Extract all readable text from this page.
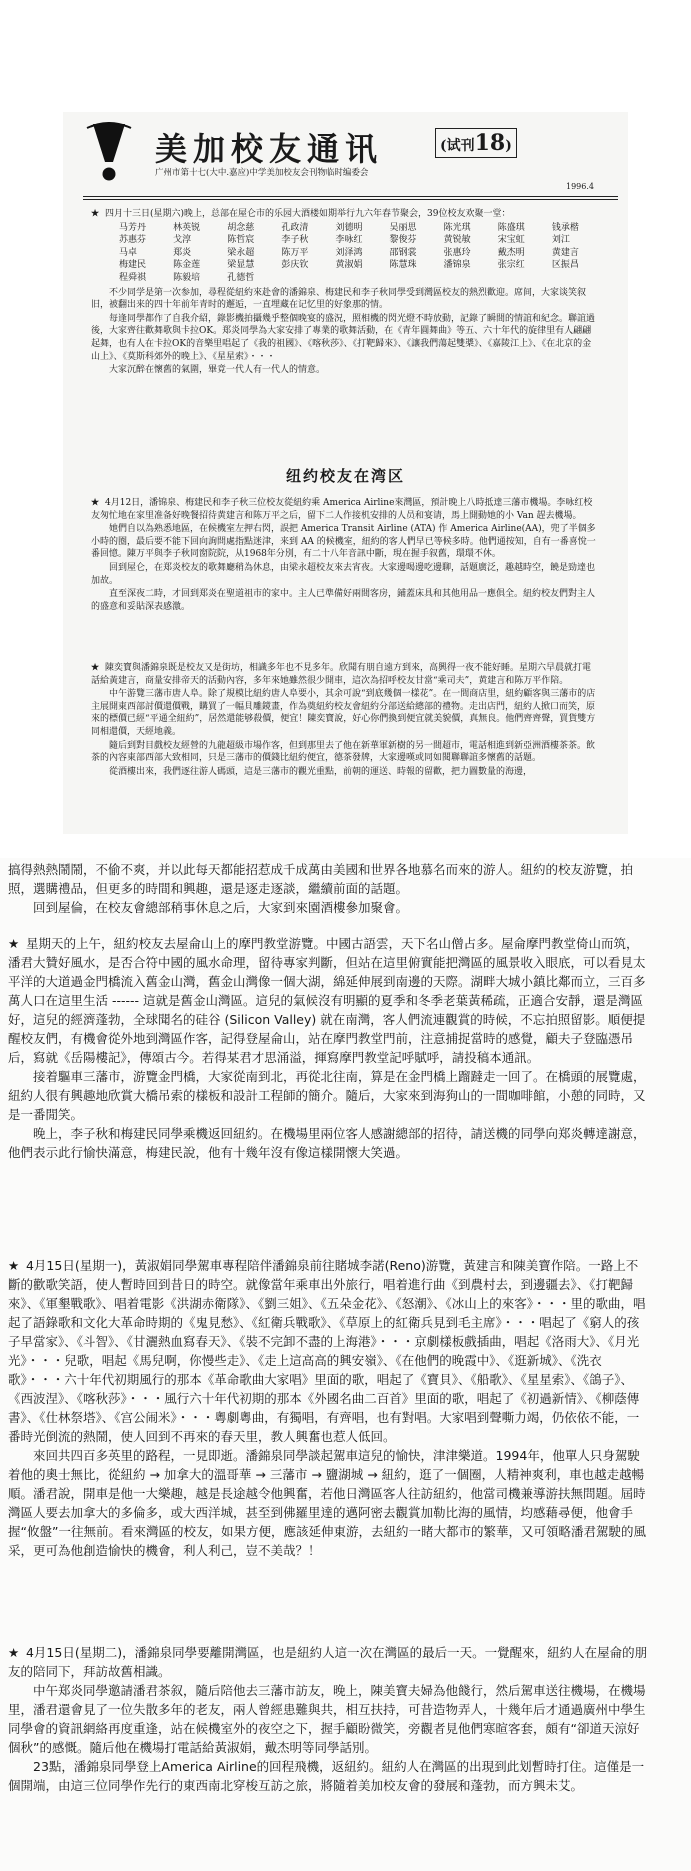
美加校友通讯	(试刊18)
广州市第十七(大中.嘉应)中学美加校友会刊物临时编委会
1996.4

★ 四月十三日(星期六)晚上，总部在屋仑市的乐园大酒楼如期举行九六年春节聚会，39位校友欢聚一堂：

马芳丹	林英锐	胡念慈	孔政清	刘德明	吴丽思	陈光琪	陈盛琪	钱承楷
苏惠芬	戈淳	陈哲宸	李子秋	李咏红	黎俊芬	黄锐敏	宋宝虹	刘江
马卓	郑炎	梁永超	陈万平	刘泽鸿	邵钢裳	张惠玲	戴杰明	黄建言
梅建民	陈金莲	梁显慧	彭庆钦	黄淑娟	陈慧珠	潘锦泉	张宗红	区振昌
程舜祺	陈毅培	孔德哲

不少同学是第一次参加，尋程從紐約來赴會的潘錦泉、梅建民和李子秋同學受到灣區校友的熱烈歡迎。席间，大家谈笑叙旧，被翻出来的四十年前年青时的邂逅，一直埋藏在记忆里的好象那的情。

每逢同學都作了自我介紹，錄影機拍攝幾乎整個晚宴的盛況，照相機的閃光燈不時放動，記錄了瞬間的情誼和紀念。聯誼過後，大家齊往歡舞歌與卡拉OK。郑炎同學為大家安排了專業的歌舞活動，在《青年圓舞曲》等五、六十年代的旋律里有人翩翩起舞，也有人在卡拉OK的音樂里唱起了《我的祖國》、《喀秋莎》、《打靶歸來》、《讓我們蕩起雙槳》、《嘉陵江上》、《在北京的金山上》、《莫斯科郊外的晚上》、《星星索》・・・

大家沉醉在懷舊的氣圍，畢竟一代人有一代人的情意。

纽约校友在湾区

★ 4月12日，潘锦泉、梅建民和李子秋三位校友從紐約乘 America Airline來灣區，預計晚上八時抵達三藩市機場。李咏红校友匆忙地在家里准备好晚餐招待黄建言和陈万平之后，留下二人作接机安排的人员和宴请，馬上開動她的小 Van 趕去機場。

她們自以為熟悉地區，在候機室左押右閃，誤把 America Transit Airline (ATA) 作 America Airline(AA)，兜了半個多小時的圈，最后要不能下回向詢問處指點迷津，来到 AA 的候機室，紐約的客人們早已等候多時。他們通按知，自有一番喜悅一番回憶。陳万平與李子秋同窗院院，从1968年分別，有二十八年音訊中斷，現在握手叙舊，環環不休。

回到屋仑，在郑炎校友的歌舞廳稍為休息，由梁永超校友來去宵夜。大家邊喝邊吃邊聊，話題廣泛，趣越時空，饒是勁達也加故。

直至深夜二時，才回到郑炎在聖道祖市的家中。主人已準備好兩間客房，鋪蓋床具和其他用品一應俱全。紐約校友們對主人的盛意和妥貼深表感激。

★ 陳奕寶與潘錦泉既是校友又是街坊，相識多年也不見多年。欣聞有朋自遠方到來，高興得一夜不能好睡。星期六早晨就打電話給黃建言，商量安排帝天的活動內容，多年來她雖然很少開車，這次為招呼校友甘當“乘司夫”，黄建言和陈万平作陪。

中午游覽三藩市唐人阜。除了規模比紐約唐人阜要小，其余可說“到底幾個一樣花”。在一間商店里，紐約顧客與三藩市的店主展開東西部討價還價戰，購買了一幅貝雕鏡畫，作為奠紐約校友會紐約分部送給總部的禮物。走出店門，紐約人掀口而笑，原來的標價已經“平通全紐約”，居然還能够殺價，便宜！陳奕寶說，好心你們換到便宜就美貌價，真無良。他們齊齊聲，買貨雙方同相還價，天經地義。

隨后到對目戲校友經營的九龍超級市場作客，但到那里去了他在新華軍新樹的另一間超市，電話相進到新亞洲酒樓茶茶。飲茶的內容東部西部大致相同，只是三藩市的價錢比紐約便宜，德茶發牌，大家邊嘆或同如閱聯聯誼多懷舊的話題。

從酒樓出來，我們逐往游人碼頭，這是三藩市的觀光重點，前朝的運送、時報的留歡，把力圖數量的海邊，

搞得熱熱鬧鬧，不偷不爽，并以此每天都能招惹成千成萬由美國和世界各地慕名而來的游人。紐約的校友游覽，拍照，選購禮品，但更多的時間和興趣，還是逐走逐談，繼續前面的話題。

回到屋倫，在校友會總部稍事休息之后，大家到來園酒樓參加聚會。

★ 星期天的上午，紐約校友去屋侖山上的摩門教堂游覽。中國古語雲，天下名山僧占多。屋侖摩門教堂倚山而筑，潘君大贊好風水，是否合符中國的風水命理，留待專家判斷，但站在這里俯實能把灣區的風景收入眼底，可以看見太平洋的大道過金門橋流入舊金山灣，舊金山灣像一個大湖，綿延伸展到南邊的天際。湖畔大城小鎮比鄰而立，三百多萬人口在這里生活 ------ 這就是舊金山灣區。這兒的氣候沒有明顯的夏季和冬季老葉黃稀疏，正適合安靜，還是灣區好，這兒的經濟蓬勃，全球聞名的硅谷 (Silicon Valley) 就在南灣，客人們流連觀賞的時候，不忘拍照留影。順便提醒校友們，有機會從外地到灣區作客，記得登屋侖山，站在摩門教堂門前，注意捕捉當時的感覺，顧夫子登臨憑吊后，寫就《岳陽樓記》，傳頌古今。若得某君才思涌溢，揮寫摩門教堂記呼賦呼，請投稿本通訊。

接着驅車三藩市，游覽金門橋，大家從南到北，再從北往南，算是在金門橋上蹓躂走一回了。在橋頭的展覽處，紐約人很有興趣地欣賞大橋吊索的樣板和設計工程師的簡介。隨后，大家來到海狗山的一間咖啡館，小憩的同時，又是一番閒笑。

晚上，李子秋和梅建民同學乘機返回紐約。在機場里兩位客人感謝總部的招待，請送機的同學向郑炎轉達謝意，他們表示此行愉快滿意，梅建民說，他有十幾年沒有像這樣開懷大笑過。

★ 4月15日(星期一)，黃淑娟同學駕車專程陪伴潘錦泉前往賭城李諾(Reno)游覽，黃建言和陳美寶作陪。一路上不斷的歡歌笑語，使人暫時回到昔日的時空。就像當年乘車出外旅行，唱着進行曲《到農村去，到邊疆去》、《打靶歸來》、《軍墾戰歌》、唱着電影《洪湖赤衛隊》、《劉三姐》、《五朵金花》、《怒潮》、《冰山上的來客》・・・里的歌曲，唱起了語錄歌和文化大革命時期的《鬼見愁》、《紅衛兵戰歌》、《草原上的紅衛兵見到毛主席》・・・唱起了《窮人的孩子早當家》、《斗智》、《甘灑熱血寫春天》、《裝不完卸不盡的上海港》・・・京劇樣板戲插曲，唱起《洛雨大》、《月光光》・・・兒歌，唱起《馬兒啊，你慢些走》、《走上這高高的興安嶺》、《在他們的晚霞中》、《逛新城》、《洗衣歌》・・・六十年代初期風行的那本《革命歌曲大家唱》里面的歌，唱起了《寶貝》、《船歌》、《星星索》、《鴿子》、《西波涅》、《喀秋莎》・・・風行六十年代初期的那本《外國名曲二百首》里面的歌，唱起了《初過新情》、《柳蔭傳書》、《仕林祭塔》、《宫公闹米》・・・粵劇粵曲，有獨唱，有齊唱，也有對唱。大家唱到聲嘶力竭，仍依依不能，一番時光倒流的熱鬧，使人回到不再來的春天里，教人興奮也惹人低回。

來回共四百多英里的路程，一見即逝。潘錦泉同學談起駕車這兒的愉快，津津樂道。1994年，他單人只身駕駛着他的奧士無比，從紐約 → 加拿大的溫哥華 → 三藩市 → 鹽湖城 → 紐約，逛了一個圈，人精神爽利，車也越走越暢順。潘君說，開車是他一大樂趣，越是長途越令他興奮，若他日灣區客人往訪紐約，他當司機兼導游扶無問題。屆時灣區人要去加拿大的多倫多，或大西洋城，甚至到佛羅里達的邁阿密去觀賞加勒比海的風情，均感藉尋便，他會手握“攸盤”一往無前。看來灣區的校友，如果方便，應該延伸東游，去紐約一睹大都市的繁華，又可領略潘君駕駛的風采，更可為他創造愉快的機會，利人利己，豈不美哉？！

★ 4月15日(星期二)，潘錦泉同學要離開灣區，也是紐約人這一次在灣區的最后一天。一覺醒來，紐約人在屋侖的朋友的陪同下，拜訪故舊相識。

中午郑炎同學邀請潘君茶叙，隨后陪他去三藩市訪友，晚上，陳美寶夫婦為他餞行，然后駕車送往機場，在機場里，潘君還會見了一位失散多年的老友，兩人曾經患難與共，相互扶持，可昔造物弄人，十幾年后才通過廣州中學生同學會的資訊網絡再度重逢，站在候機室外的夜空之下，握手顧盼微笑，旁觀者見他們寒暄客套，頗有“卻道天涼好個秋”的感慨。隨后他在機場打電話給黃淑娟，戴杰明等同學話別。

23點，潘錦泉同學登上America Airline的回程飛機，返紐約。紐約人在灣區的出現到此划暫時打住。這僅是一個開端，由這三位同學作先行的東西南北穿梭互訪之旅，將隨着美加校友會的發展和蓬勃，而方興未艾。
